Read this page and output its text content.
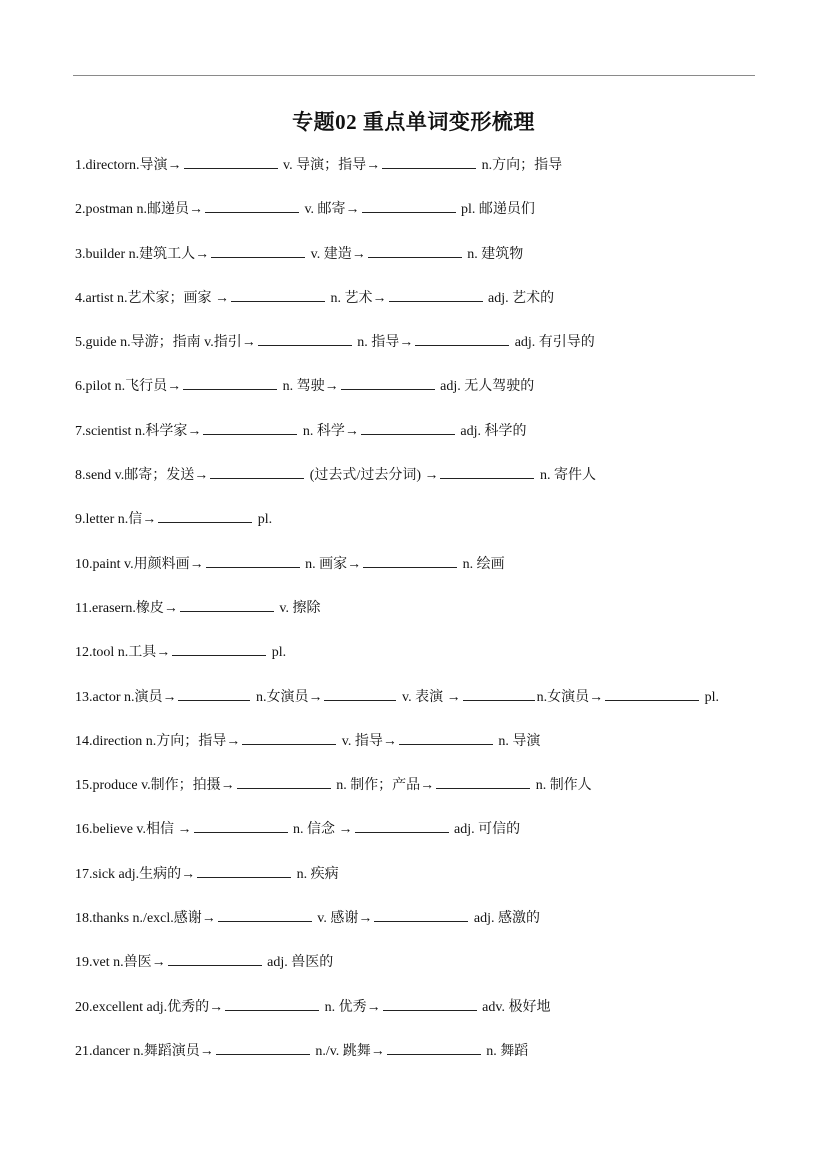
专题02 重点单词变形梳理
1.directorn.导演→	v. 导演；指导→	n.方向；指导
2.postman n.邮递员→	v. 邮寄→	pl. 邮递员们
3.builder n.建筑工人→	v. 建造→	n. 建筑物
4.artist n.艺术家；画家 →	n. 艺术→	adj. 艺术的
5.guide n.导游；指南 v.指引→	n. 指导→	adj. 有引导的
6.pilot n.飞行员→	n. 驾驶→	adj. 无人驾驶的
7.scientist n.科学家→	n. 科学→	adj. 科学的
8.send v.邮寄；发送→	(过去式/过去分词) →	n. 寄件人
9.letter n.信→	pl.
10.paint v.用颜料画→	n. 画家→	n. 绘画
11.erasern.橡皮→	v. 擦除
12.tool n.工具→	pl.
13.actor n.演员→	n.女演员→	v. 表演 →	n.女演员→	pl.
14.direction n.方向；指导→	v. 指导→	n. 导演
15.produce v.制作；拍摄→	n. 制作；产品→	n. 制作人
16.believe v.相信 →	n. 信念 →	adj. 可信的
17.sick adj.生病的→	n. 疾病
18.thanks n./excl.感谢→	v. 感谢→	adj. 感激的
19.vet n.兽医→	adj. 兽医的
20.excellent adj.优秀的→	n. 优秀→	adv. 极好地
21.dancer n.舞蹈演员→	n./v. 跳舞→	n. 舞蹈
